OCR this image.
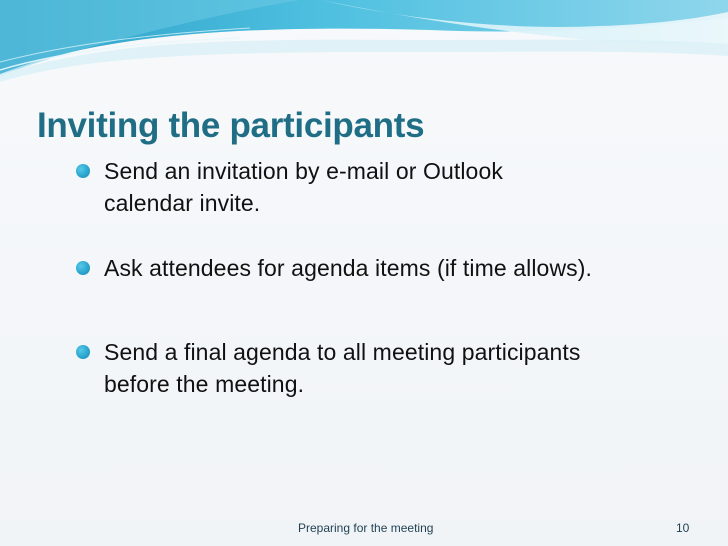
Inviting the participants
Send an invitation by e-mail or Outlook
calendar invite.
Ask attendees for agenda items (if time allows).
Send a final agenda to all meeting participants
before the meeting.
Preparing for the meeting	10
